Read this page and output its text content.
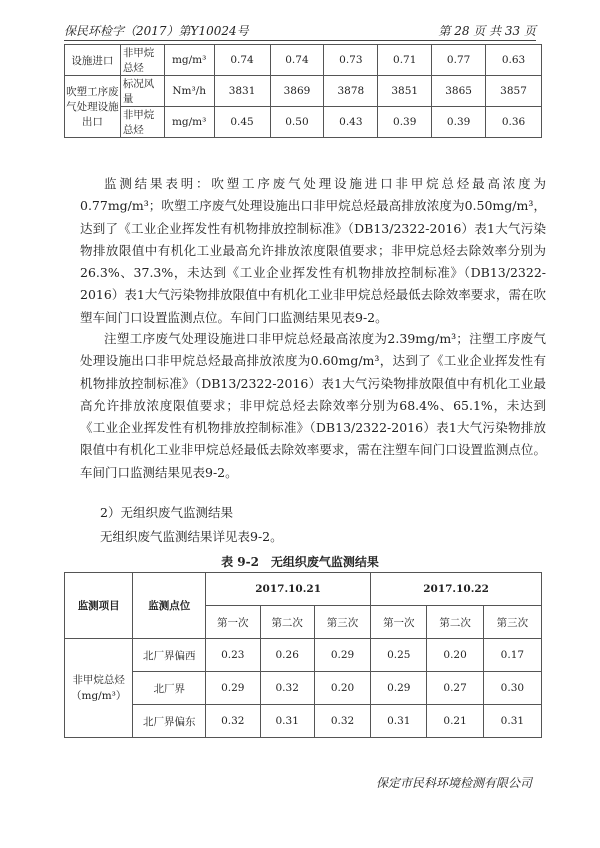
保民环检字（2017）第Y10024号	第 28 页 共 33 页
设施进口	非甲烷总烃	mg/m³	0.74	0.74	0.73	0.71	0.77	0.63
吹塑工序废气处理设施出口	标况风量	Nm³/h	3831	3869	3878	3851	3865	3857
	非甲烷总烃	mg/m³	0.45	0.50	0.43	0.39	0.39	0.36

监测结果表明：吹塑工序废气处理设施进口非甲烷总烃最高浓度为0.77mg/m³；吹塑工序废气处理设施出口非甲烷总烃最高排放浓度为0.50mg/m³，达到了《工业企业挥发性有机物排放控制标准》（DB13/2322-2016）表1大气污染物排放限值中有机化工业最高允许排放浓度限值要求；非甲烷总烃去除效率分别为26.3%、37.3%，未达到《工业企业挥发性有机物排放控制标准》（DB13/2322-2016）表1大气污染物排放限值中有机化工业非甲烷总烃最低去除效率要求，需在吹塑车间门口设置监测点位。车间门口监测结果见表9-2。

注塑工序废气处理设施进口非甲烷总烃最高浓度为2.39mg/m³；注塑工序废气处理设施出口非甲烷总烃最高排放浓度为0.60mg/m³，达到了《工业企业挥发性有机物排放控制标准》（DB13/2322-2016）表1大气污染物排放限值中有机化工业最高允许排放浓度限值要求；非甲烷总烃去除效率分别为68.4%、65.1%，未达到《工业企业挥发性有机物排放控制标准》（DB13/2322-2016）表1大气污染物排放限值中有机化工业非甲烷总烃最低去除效率要求，需在注塑车间门口设置监测点位。车间门口监测结果见表9-2。

2）无组织废气监测结果
无组织废气监测结果详见表9-2。
表 9-2　无组织废气监测结果
监测项目	监测点位	2017.10.21			2017.10.22		
		第一次	第二次	第三次	第一次	第二次	第三次
非甲烷总烃（mg/m³）	北厂界偏西	0.23	0.26	0.29	0.25	0.20	0.17
	北厂界	0.29	0.32	0.20	0.29	0.27	0.30
	北厂界偏东	0.32	0.31	0.32	0.31	0.21	0.31
保定市民科环境检测有限公司
